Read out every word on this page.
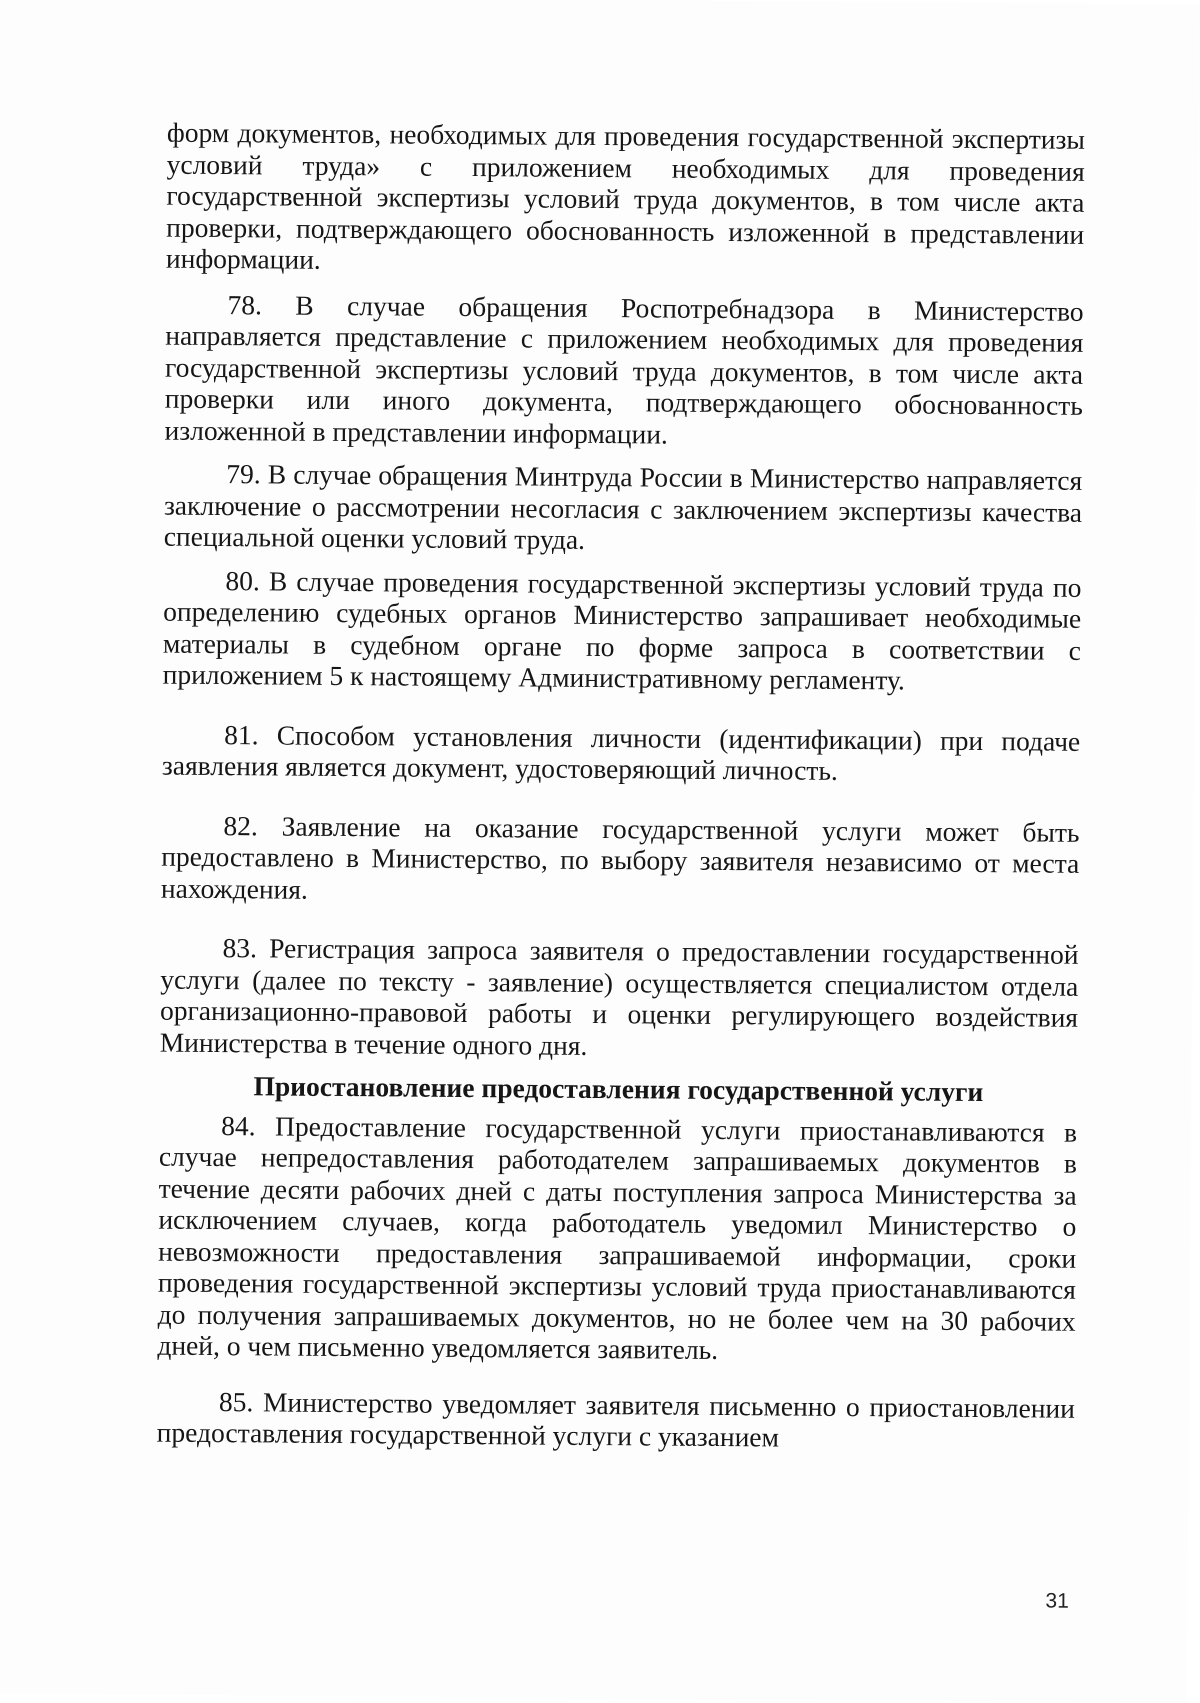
форм документов, необходимых для проведения государственной экспертизы условий труда» с приложением необходимых для проведения государственной экспертизы условий труда документов, в том числе акта проверки, подтверждающего обоснованность изложенной в представлении информации.

78. В случае обращения Роспотребнадзора в Министерство направляется представление с приложением необходимых для проведения государственной экспертизы условий труда документов, в том числе акта проверки или иного документа, подтверждающего обоснованность изложенной в представлении информации.

79. В случае обращения Минтруда России в Министерство направляется заключение о рассмотрении несогласия с заключением экспертизы качества специальной оценки условий труда.

80. В случае проведения государственной экспертизы условий труда по определению судебных органов Министерство запрашивает необходимые материалы в судебном органе по форме запроса в соответствии с приложением 5 к настоящему Административному регламенту.

81. Способом установления личности (идентификации) при подаче заявления является документ, удостоверяющий личность.

82. Заявление на оказание государственной услуги может быть предоставлено в Министерство, по выбору заявителя независимо от места нахождения.

83. Регистрация запроса заявителя о предоставлении государственной услуги (далее по тексту - заявление) осуществляется специалистом отдела организационно-правовой работы и оценки регулирующего воздействия Министерства в течение одного дня.

Приостановление предоставления государственной услуги

84. Предоставление государственной услуги приостанавливаются в случае непредоставления работодателем запрашиваемых документов в течение десяти рабочих дней с даты поступления запроса Министерства за исключением случаев, когда работодатель уведомил Министерство о невозможности предоставления запрашиваемой информации, сроки проведения государственной экспертизы условий труда приостанавливаются до получения запрашиваемых документов, но не более чем на 30 рабочих дней, о чем письменно уведомляется заявитель.

85. Министерство уведомляет заявителя письменно о приостановлении предоставления государственной услуги с указанием

31
